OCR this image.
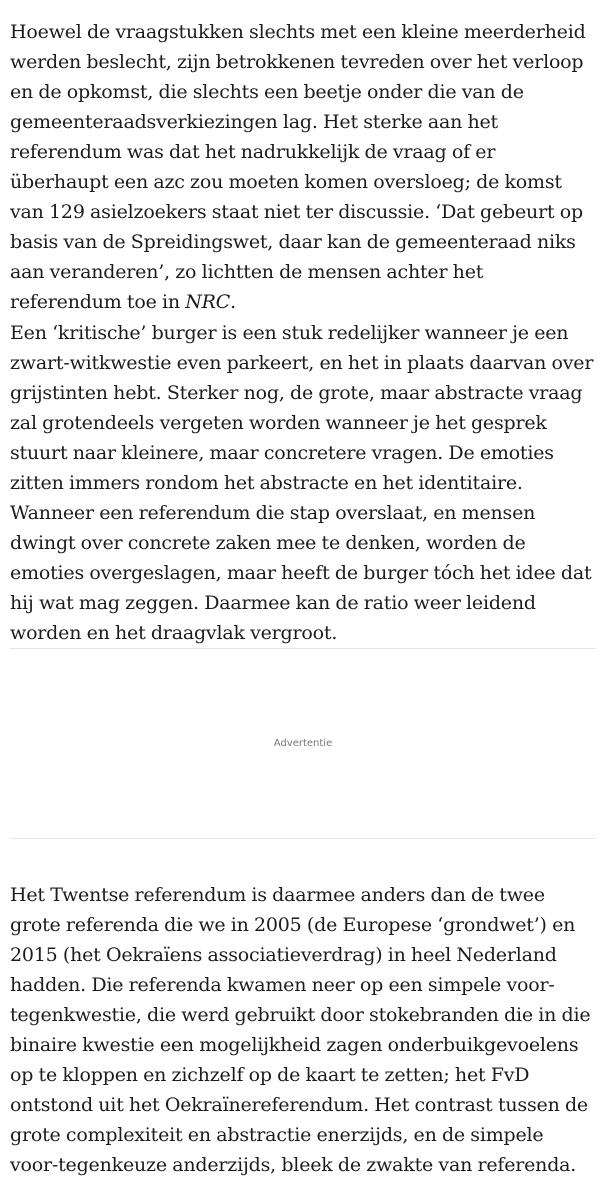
Hoewel de vraagstukken slechts met een kleine meerderheid werden beslecht, zijn betrokkenen tevreden over het verloop en de opkomst, die slechts een beetje onder die van de gemeenteraadsverkiezingen lag. Het sterke aan het referendum was dat het nadrukkelijk de vraag of er überhaupt een azc zou moeten komen oversloeg; de komst van 129 asielzoekers staat niet ter discussie. ‘Dat gebeurt op basis van de Spreidingswet, daar kan de gemeenteraad niks aan veranderen’, zo lichtten de mensen achter het referendum toe in NRC.

Een ‘kritische’ burger is een stuk redelijker wanneer je een zwart-witkwestie even parkeert, en het in plaats daarvan over grijstinten hebt. Sterker nog, de grote, maar abstracte vraag zal grotendeels vergeten worden wanneer je het gesprek stuurt naar kleinere, maar concretere vragen. De emoties zitten immers rondom het abstracte en het identitaire. Wanneer een referendum die stap overslaat, en mensen dwingt over concrete zaken mee te denken, worden de emoties overgeslagen, maar heeft de burger tóch het idee dat hij wat mag zeggen. Daarmee kan de ratio weer leidend worden en het draagvlak vergroot.

Advertentie

Het Twentse referendum is daarmee anders dan de twee grote referenda die we in 2005 (de Europese ‘grondwet’) en 2015 (het Oekraïens associatieverdrag) in heel Nederland hadden. Die referenda kwamen neer op een simpele voor-tegenkwestie, die werd gebruikt door stokebranden die in die binaire kwestie een mogelijkheid zagen onderbuikgevoelens op te kloppen en zichzelf op de kaart te zetten; het FvD ontstond uit het Oekraïnereferendum. Het contrast tussen de grote complexiteit en abstractie enerzijds, en de simpele voor-tegenkeuze anderzijds, bleek de zwakte van referenda.
